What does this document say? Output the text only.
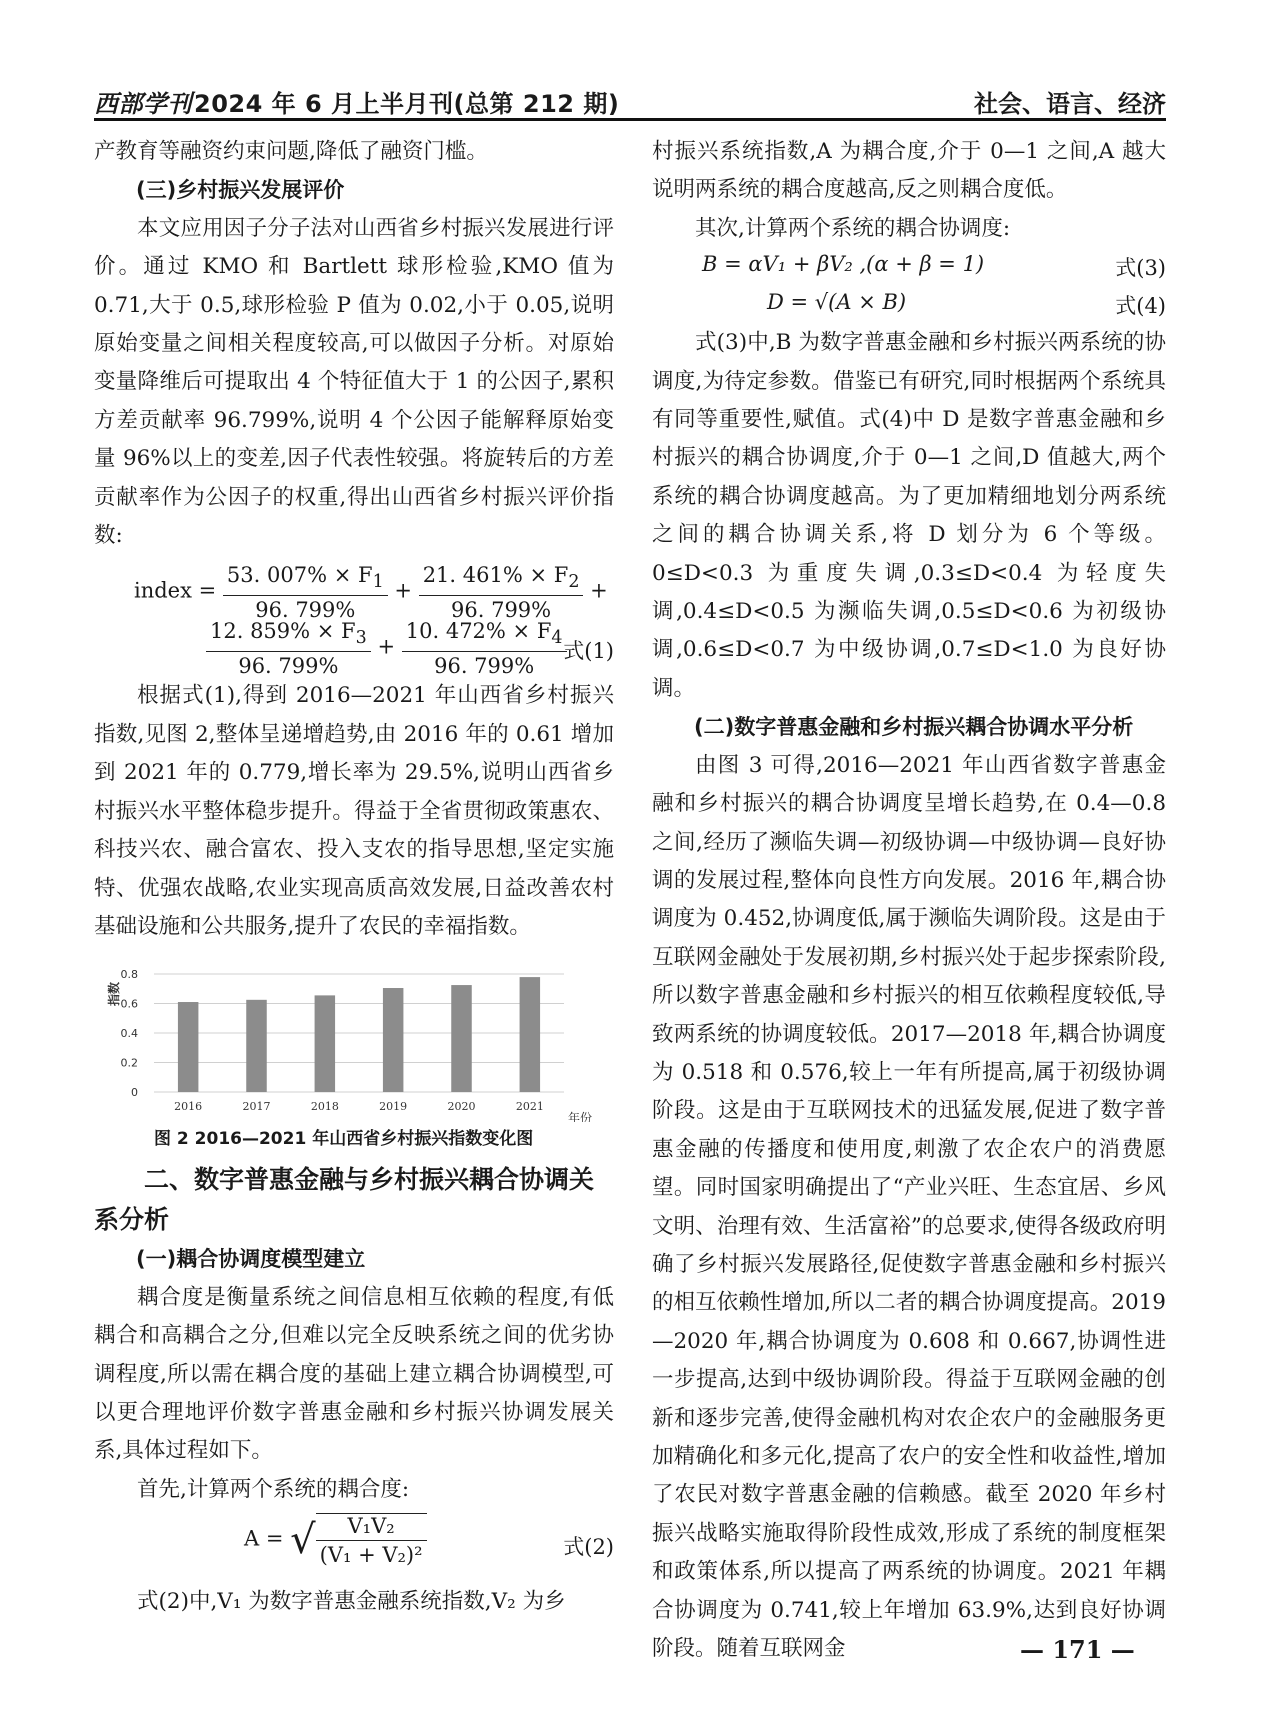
西部学刊2024 年 6 月上半月刊(总第 212 期)	社会、语言、经济

产教育等融资约束问题,降低了融资门槛。

(三)乡村振兴发展评价

本文应用因子分子法对山西省乡村振兴发展进行评价。通过 KMO 和 Bartlett 球形检验,KMO 值为 0.71,大于 0.5,球形检验 P 值为 0.02,小于 0.05,说明原始变量之间相关程度较高,可以做因子分析。对原始变量降维后可提取出 4 个特征值大于 1 的公因子,累积方差贡献率 96.799%,说明 4 个公因子能解释原始变量 96%以上的变差,因子代表性较强。将旋转后的方差贡献率作为公因子的权重,得出山西省乡村振兴评价指数:

index = $\frac{53. 007\% \times F_1}{96. 799\%} + \frac{21. 461\% \times F_2}{96. 799\%}$ +
$\frac{12. 859\% \times F_3}{96. 799\%} + \frac{10. 472\% \times F_4}{96. 799\%}$
式(1)

根据式(1),得到 2016—2021 年山西省乡村振兴指数,见图 2,整体呈递增趋势,由 2016 年的 0.61 增加到 2021 年的 0.779,增长率为 29.5%,说明山西省乡村振兴水平整体稳步提升。得益于全省贯彻政策惠农、科技兴农、融合富农、投入支农的指导思想,坚定实施特、优强农战略,农业实现高质高效发展,日益改善农村基础设施和公共服务,提升了农民的幸福指数。

0
0.2
0.4
0.6
0.8
2016	2017	2018	2019	2020	2021
指数
年份
图 2 2016—2021 年山西省乡村振兴指数变化图
二、数字普惠金融与乡村振兴耦合协调关系分析
(一)耦合协调度模型建立

耦合度是衡量系统之间信息相互依赖的程度,有低耦合和高耦合之分,但难以完全反映系统之间的优劣协调程度,所以需在耦合度的基础上建立耦合协调模型,可以更合理地评价数字普惠金融和乡村振兴协调发展关系,具体过程如下。

首先,计算两个系统的耦合度:

A = √ $\frac{\text{V₁V₂}}{\text{(V₁ + V₂)²}}$	式(2)

式(2)中,V₁ 为数字普惠金融系统指数,V₂ 为乡

村振兴系统指数,A 为耦合度,介于 0—1 之间,A 越大说明两系统的耦合度越高,反之则耦合度低。

其次,计算两个系统的耦合协调度:

B = αV₁ + βV₂ ,(α + β = 1)	式(3)
D = √(A × B)	式(4)

式(3)中,B 为数字普惠金融和乡村振兴两系统的协调度,为待定参数。借鉴已有研究,同时根据两个系统具有同等重要性,赋值。式(4)中 D 是数字普惠金融和乡村振兴的耦合协调度,介于 0—1 之间,D 值越大,两个系统的耦合协调度越高。为了更加精细地划分两系统之间的耦合协调关系,将 D 划分为 6 个等级。0≤D<0.3 为重度失调,0.3≤D<0.4 为轻度失调,0.4≤D<0.5 为濒临失调,0.5≤D<0.6 为初级协调,0.6≤D<0.7 为中级协调,0.7≤D<1.0 为良好协调。

(二)数字普惠金融和乡村振兴耦合协调水平分析

由图 3 可得,2016—2021 年山西省数字普惠金融和乡村振兴的耦合协调度呈增长趋势,在 0.4—0.8 之间,经历了濒临失调—初级协调—中级协调—良好协调的发展过程,整体向良性方向发展。2016 年,耦合协调度为 0.452,协调度低,属于濒临失调阶段。这是由于互联网金融处于发展初期,乡村振兴处于起步探索阶段,所以数字普惠金融和乡村振兴的相互依赖程度较低,导致两系统的协调度较低。2017—2018 年,耦合协调度为 0.518 和 0.576,较上一年有所提高,属于初级协调阶段。这是由于互联网技术的迅猛发展,促进了数字普惠金融的传播度和使用度,刺激了农企农户的消费愿望。同时国家明确提出了“产业兴旺、生态宜居、乡风文明、治理有效、生活富裕”的总要求,使得各级政府明确了乡村振兴发展路径,促使数字普惠金融和乡村振兴的相互依赖性增加,所以二者的耦合协调度提高。2019—2020 年,耦合协调度为 0.608 和 0.667,协调性进一步提高,达到中级协调阶段。得益于互联网金融的创新和逐步完善,使得金融机构对农企农户的金融服务更加精确化和多元化,提高了农户的安全性和收益性,增加了农民对数字普惠金融的信赖感。截至 2020 年乡村振兴战略实施取得阶段性成效,形成了系统的制度框架和政策体系,所以提高了两系统的协调度。2021 年耦合协调度为 0.741,较上年增加 63.9%,达到良好协调阶段。随着互联网金	— 171 —
